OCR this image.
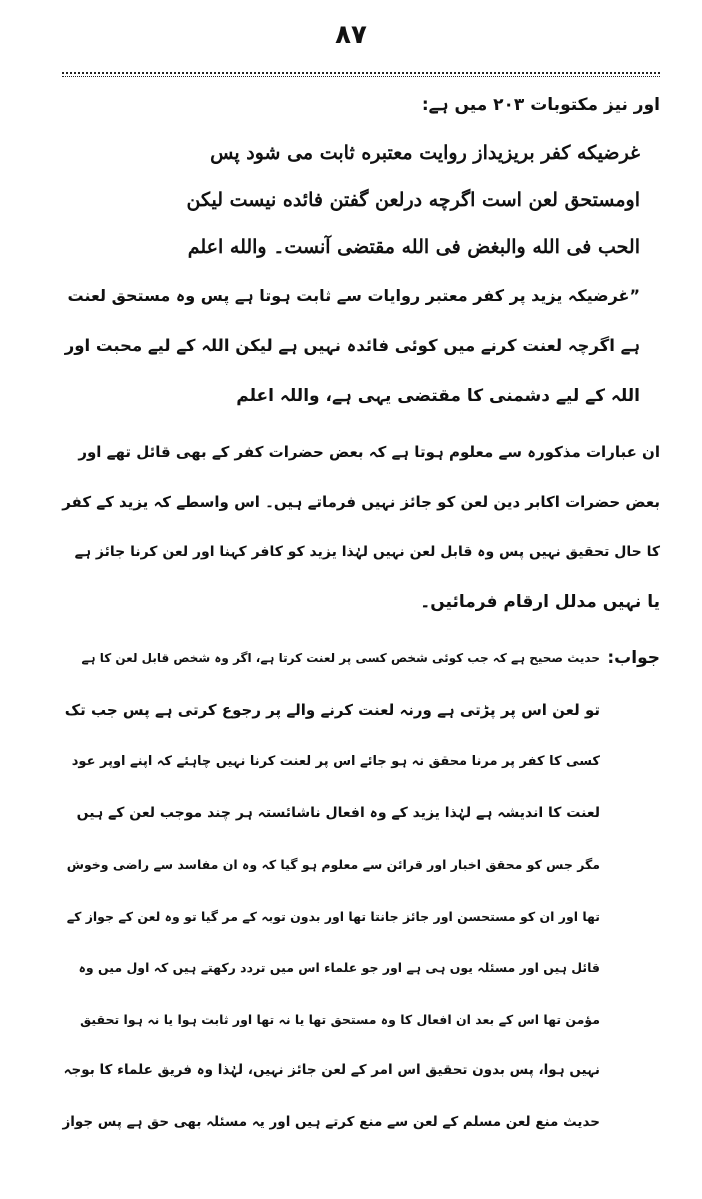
۸۷

اور نیز مکتوبات ۲۰۳ میں ہے:

غرضیکه کفر بریزیداز روایت معتبره ثابت می شود پس
اومستحق لعن است اگرچه درلعن گفتن فائده نیست لیکن
الحب فی الله والبغض فی الله مقتضی آنست۔ والله اعلم
”غرضیکہ یزید پر کفر معتبر روایات سے ثابت ہوتا ہے پس وہ مستحق لعنت
ہے اگرچہ لعنت کرنے میں کوئی فائدہ نہیں ہے لیکن اللہ کے لیے محبت اور
اللہ کے لیے دشمنی کا مقتضی یہی ہے، واللہ اعلم
ان عبارات مذکورہ سے معلوم ہوتا ہے کہ بعض حضرات کفر کے بھی قائل تھے اور
بعض حضرات اکابر دین لعن کو جائز نہیں فرماتے ہیں۔ اس واسطے کہ یزید کے کفر
کا حال تحقیق نہیں پس وہ قابل لعن نہیں لہٰذا یزید کو کافر کہنا اور لعن کرنا جائز ہے
یا نہیں مدلل ارقام فرمائیں۔
جواب:
حدیث صحیح ہے کہ جب کوئی شخص کسی پر لعنت کرتا ہے، اگر وہ شخص قابل لعن کا ہے
تو لعن اس پر پڑتی ہے ورنہ لعنت کرنے والے پر رجوع کرتی ہے پس جب تک
کسی کا کفر پر مرنا محقق نہ ہو جائے اس پر لعنت کرنا نہیں چاہئے کہ اپنے اوپر عود
لعنت کا اندیشہ ہے لہٰذا یزید کے وہ افعال ناشائستہ ہر چند موجب لعن کے ہیں
مگر جس کو محقق اخبار اور قرائن سے معلوم ہو گیا کہ وہ ان مفاسد سے راضی وخوش
تھا اور ان کو مستحسن اور جائز جانتا تھا اور بدون توبہ کے مر گیا تو وہ لعن کے جواز کے
قائل ہیں اور مسئلہ یوں ہی ہے اور جو علماء اس میں تردد رکھتے ہیں کہ اول میں وہ
مؤمن تھا اس کے بعد ان افعال کا وہ مستحق تھا یا نہ تھا اور ثابت ہوا یا نہ ہوا تحقیق
نہیں ہوا، پس بدون تحقیق اس امر کے لعن جائز نہیں، لہٰذا وہ فریق علماء کا بوجہ
حدیث منع لعن مسلم کے لعن سے منع کرتے ہیں اور یہ مسئلہ بھی حق ہے پس جواز
